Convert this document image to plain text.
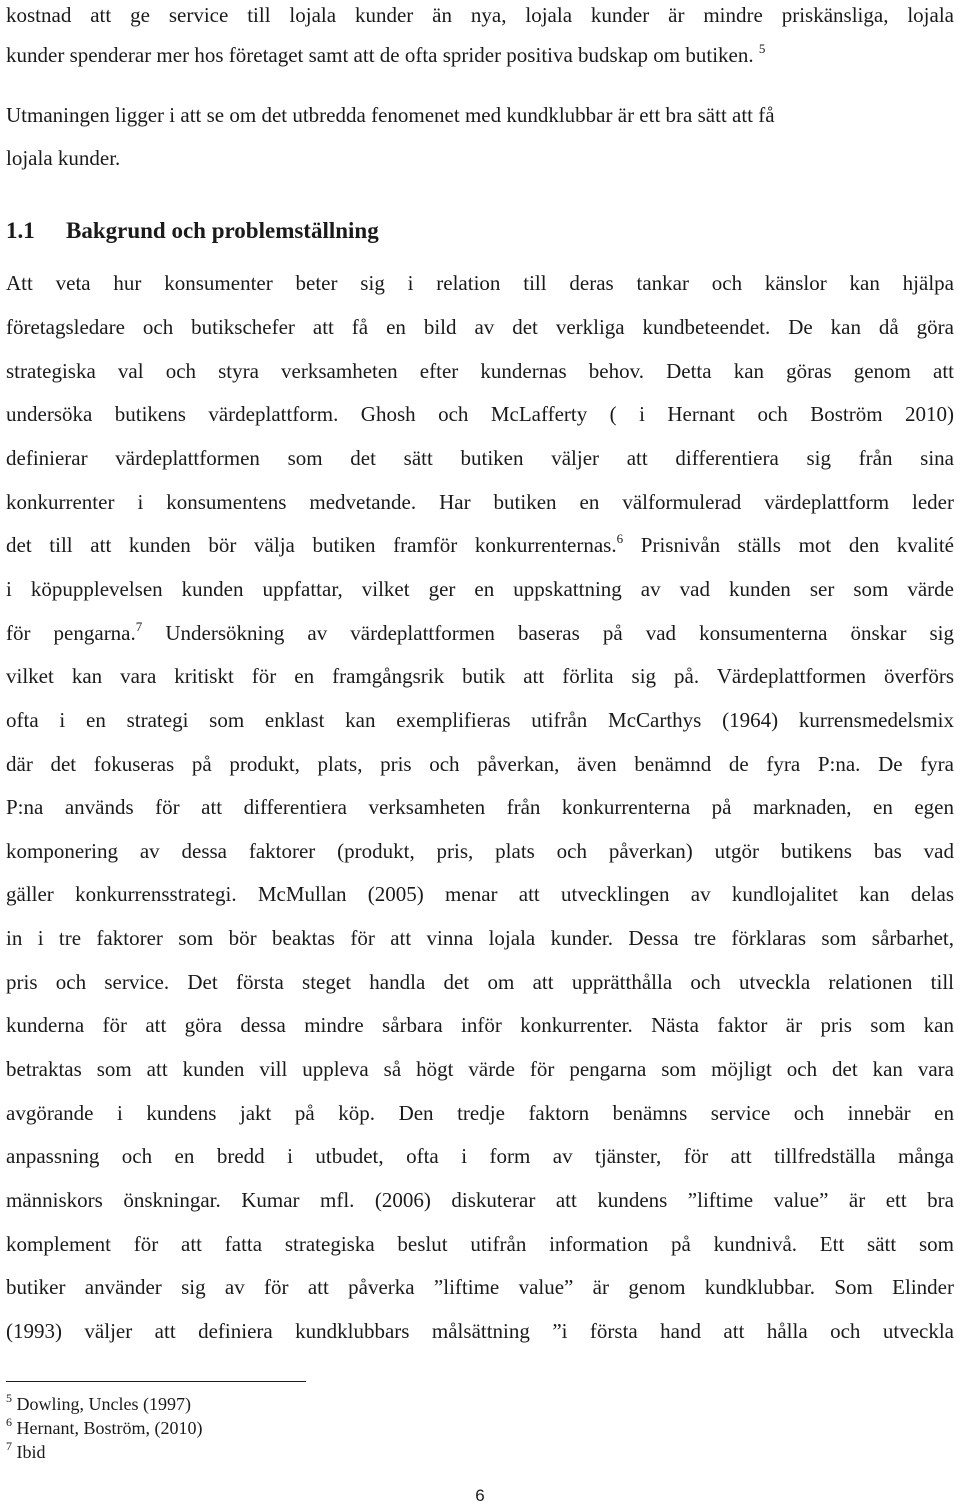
kostnad att ge service till lojala kunder än nya, lojala kunder är mindre priskänsliga, lojala

kunder spenderar mer hos företaget samt att de ofta sprider positiva budskap om butiken. $^5$

Utmaningen ligger i att se om det utbredda fenomenet med kundklubbar är ett bra sätt att få

lojala kunder.

1.1 Bakgrund och problemställning

Att veta hur konsumenter beter sig i relation till deras tankar och känslor kan hjälpa

företagsledare och butikschefer att få en bild av det verkliga kundbeteendet. De kan då göra

strategiska val och styra verksamheten efter kundernas behov. Detta kan göras genom att

undersöka butikens värdeplattform. Ghosh och McLafferty ( i Hernant och Boström 2010)

definierar värdeplattformen som det sätt butiken väljer att differentiera sig från sina

konkurrenter i konsumentens medvetande. Har butiken en välformulerad värdeplattform leder

det till att kunden bör välja butiken framför konkurrenternas.$^6$ Prisnivån ställs mot den kvalité

i köpupplevelsen kunden uppfattar, vilket ger en uppskattning av vad kunden ser som värde

för pengarna.$^7$ Undersökning av värdeplattformen baseras på vad konsumenterna önskar sig

vilket kan vara kritiskt för en framgångsrik butik att förlita sig på. Värdeplattformen överförs

ofta i en strategi som enklast kan exemplifieras utifrån McCarthys (1964) kurrensmedelsmix

där det fokuseras på produkt, plats, pris och påverkan, även benämnd de fyra P:na. De fyra

P:na används för att differentiera verksamheten från konkurrenterna på marknaden, en egen

komponering av dessa faktorer (produkt, pris, plats och påverkan) utgör butikens bas vad

gäller konkurrensstrategi. McMullan (2005) menar att utvecklingen av kundlojalitet kan delas

in i tre faktorer som bör beaktas för att vinna lojala kunder. Dessa tre förklaras som sårbarhet,

pris och service. Det första steget handla det om att upprätthålla och utveckla relationen till

kunderna för att göra dessa mindre sårbara inför konkurrenter. Nästa faktor är pris som kan

betraktas som att kunden vill uppleva så högt värde för pengarna som möjligt och det kan vara

avgörande i kundens jakt på köp. Den tredje faktorn benämns service och innebär en

anpassning och en bredd i utbudet, ofta i form av tjänster, för att tillfredställa många

människors önskningar. Kumar mfl. (2006) diskuterar att kundens ”liftime value” är ett bra

komplement för att fatta strategiska beslut utifrån information på kundnivå. Ett sätt som

butiker använder sig av för att påverka ”liftime value” är genom kundklubbar. Som Elinder

(1993) väljer att definiera kundklubbars målsättning ”i första hand att hålla och utveckla

$^5$ Dowling, Uncles (1997)

$^6$ Hernant, Boström, (2010)

$^7$ Ibid

6
